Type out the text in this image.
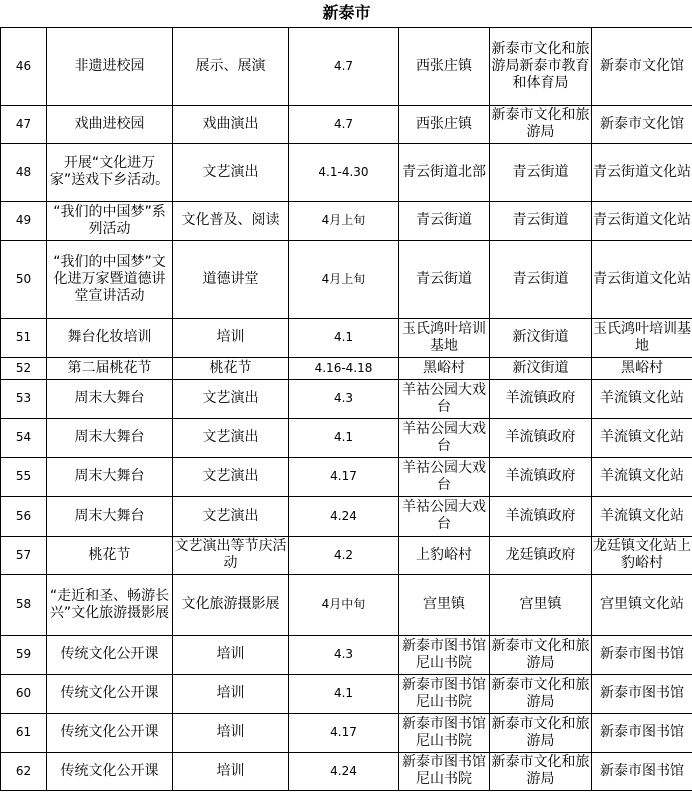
新泰市						
46	非遗进校园	展示、展演	4.7	西张庄镇	新泰市文化和旅游局新泰市教育和体育局	新泰市文化馆
47	戏曲进校园	戏曲演出	4.7	西张庄镇	新泰市文化和旅游局	新泰市文化馆
48	开展“文化进万家”送戏下乡活动。	文艺演出	4.1-4.30	青云街道北部	青云街道	青云街道文化站
49	“我们的中国梦”系列活动	文化普及、阅读	4月上旬	青云街道	青云街道	青云街道文化站
50	“我们的中国梦”文化进万家暨道德讲堂宣讲活动	道德讲堂	4月上旬	青云街道	青云街道	青云街道文化站
51	舞台化妆培训	培训	4.1	玉氏鸿叶培训基地	新汶街道	玉氏鸿叶培训基地
52	第二届桃花节	桃花节	4.16-4.18	黑峪村	新汶街道	黑峪村
53	周末大舞台	文艺演出	4.3	羊祜公园大戏台	羊流镇政府	羊流镇文化站
54	周末大舞台	文艺演出	4.1	羊祜公园大戏台	羊流镇政府	羊流镇文化站
55	周末大舞台	文艺演出	4.17	羊祜公园大戏台	羊流镇政府	羊流镇文化站
56	周末大舞台	文艺演出	4.24	羊祜公园大戏台	羊流镇政府	羊流镇文化站
57	桃花节	文艺演出等节庆活动	4.2	上豹峪村	龙廷镇政府	龙廷镇文化站上豹峪村
58	“走近和圣、畅游长兴”文化旅游摄影展	文化旅游摄影展	4月中旬	宫里镇	宫里镇	宫里镇文化站
59	传统文化公开课	培训	4.3	新泰市图书馆尼山书院	新泰市文化和旅游局	新泰市图书馆
60	传统文化公开课	培训	4.1	新泰市图书馆尼山书院	新泰市文化和旅游局	新泰市图书馆
61	传统文化公开课	培训	4.17	新泰市图书馆尼山书院	新泰市文化和旅游局	新泰市图书馆
62	传统文化公开课	培训	4.24	新泰市图书馆尼山书院	新泰市文化和旅游局	新泰市图书馆
